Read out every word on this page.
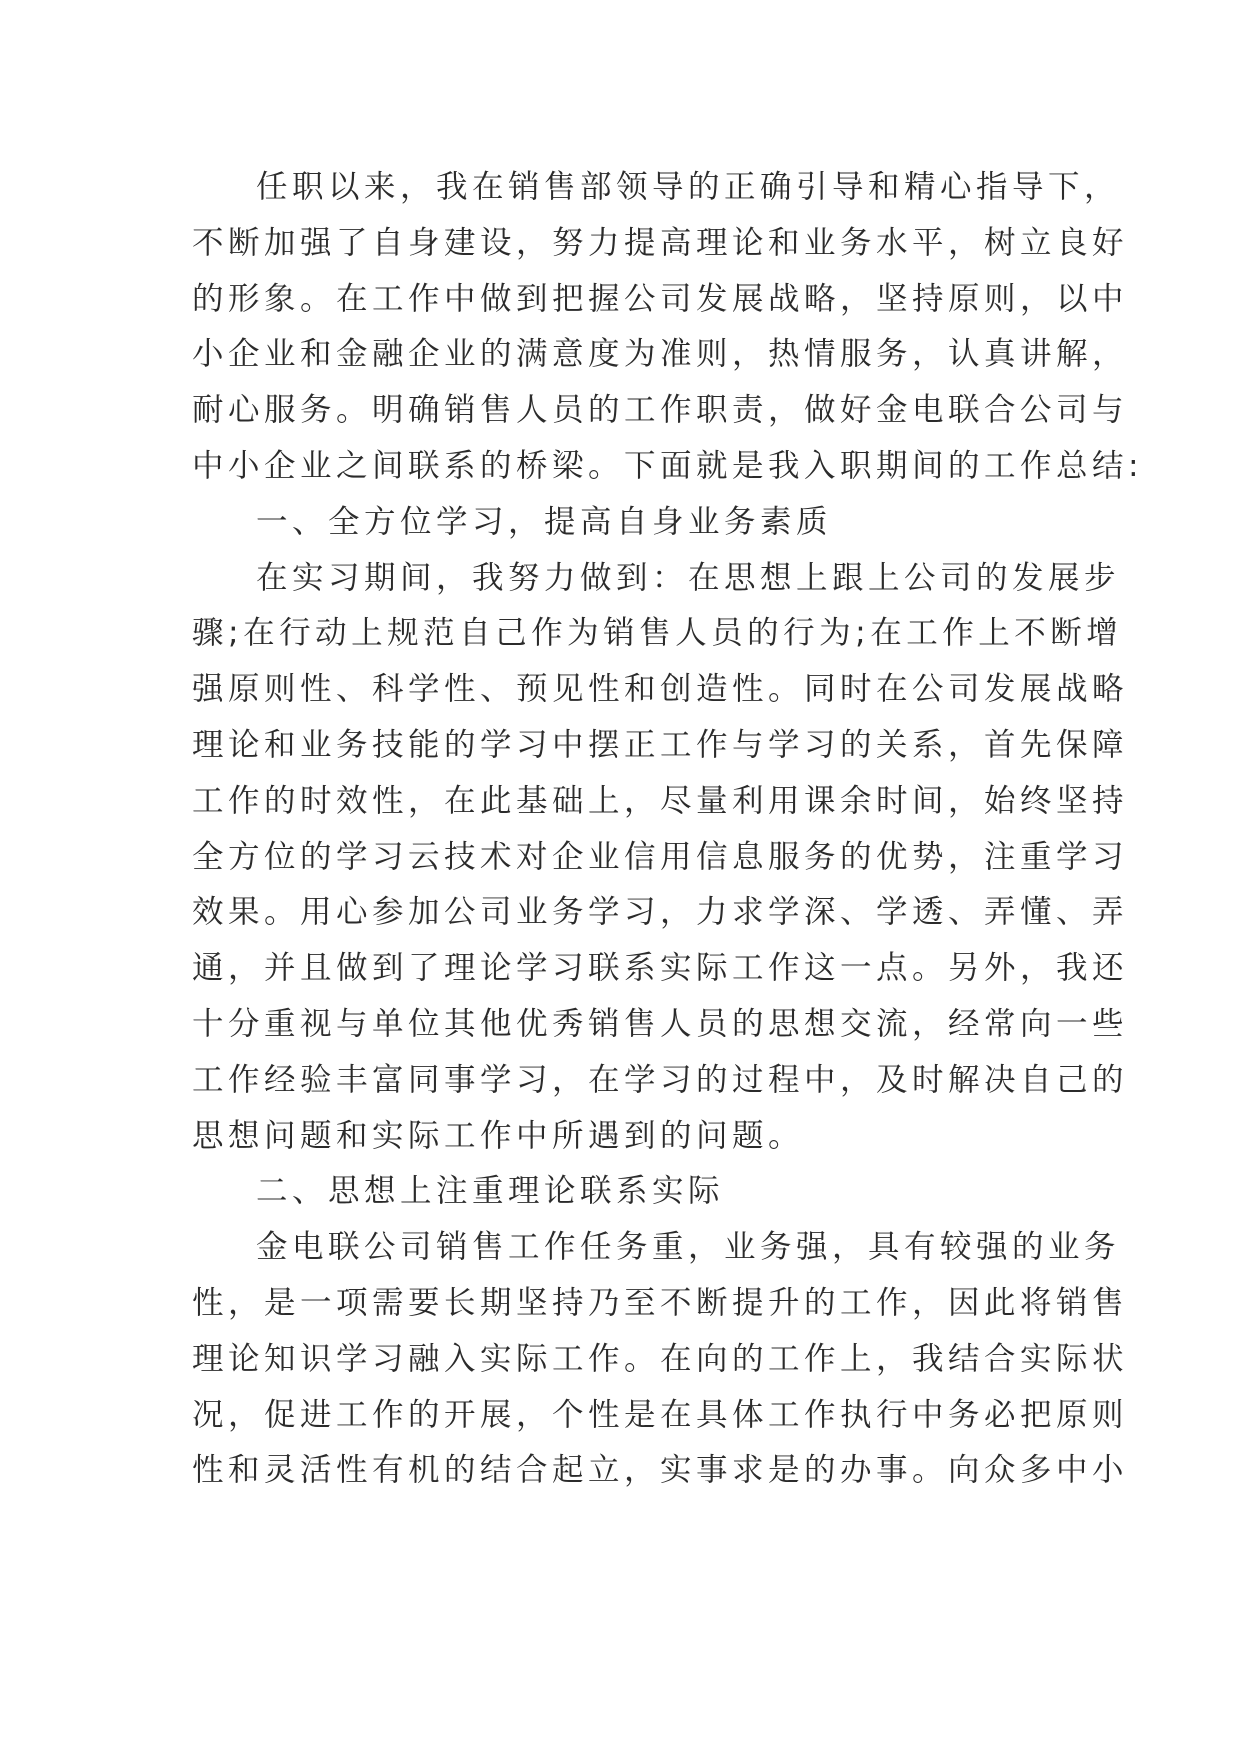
任职以来，我在销售部领导的正确引导和精心指导下，
不断加强了自身建设，努力提高理论和业务水平，树立良好
的形象。在工作中做到把握公司发展战略，坚持原则，以中
小企业和金融企业的满意度为准则，热情服务，认真讲解，
耐心服务。明确销售人员的工作职责，做好金电联合公司与
中小企业之间联系的桥梁。下面就是我入职期间的工作总结:
一、全方位学习，提高自身业务素质
在实习期间，我努力做到：在思想上跟上公司的发展步
骤;在行动上规范自己作为销售人员的行为;在工作上不断增
强原则性、科学性、预见性和创造性。同时在公司发展战略
理论和业务技能的学习中摆正工作与学习的关系，首先保障
工作的时效性，在此基础上，尽量利用课余时间，始终坚持
全方位的学习云技术对企业信用信息服务的优势，注重学习
效果。用心参加公司业务学习，力求学深、学透、弄懂、弄
通，并且做到了理论学习联系实际工作这一点。另外，我还
十分重视与单位其他优秀销售人员的思想交流，经常向一些
工作经验丰富同事学习，在学习的过程中，及时解决自己的
思想问题和实际工作中所遇到的问题。
二、思想上注重理论联系实际
金电联公司销售工作任务重，业务强，具有较强的业务
性，是一项需要长期坚持乃至不断提升的工作，因此将销售
理论知识学习融入实际工作。在向的工作上，我结合实际状
况，促进工作的开展，个性是在具体工作执行中务必把原则
性和灵活性有机的结合起立，实事求是的办事。向众多中小
